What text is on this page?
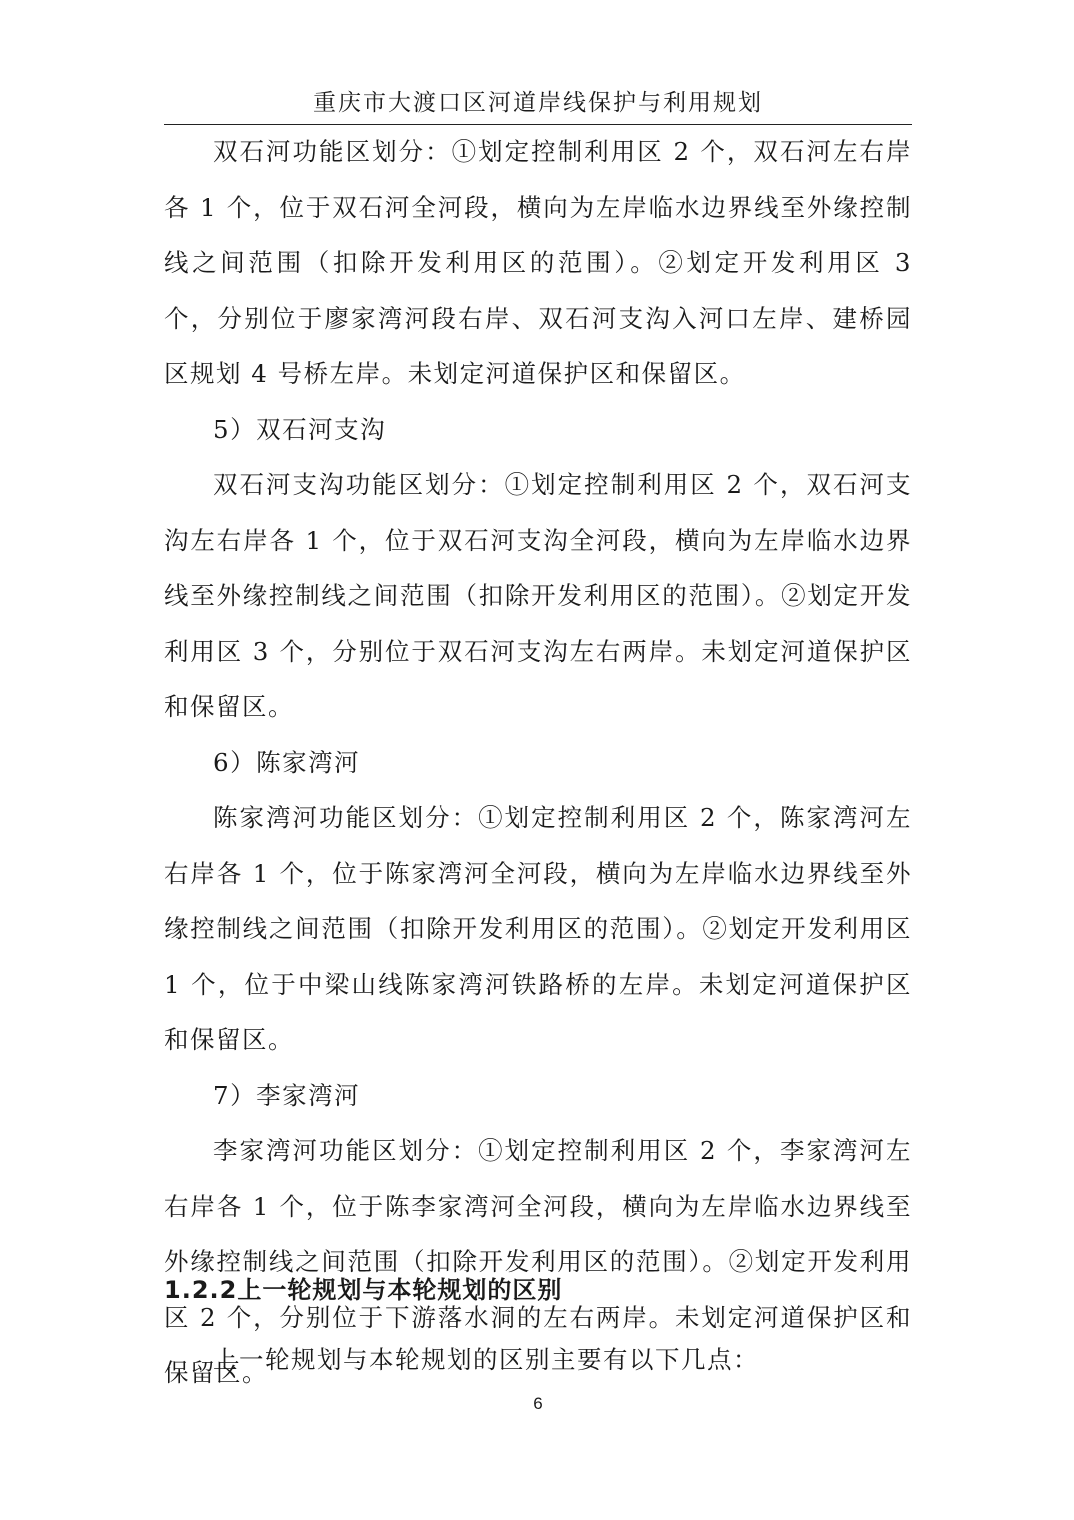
重庆市大渡口区河道岸线保护与利用规划

双石河功能区划分：①划定控制利用区 2 个，双石河左右岸各 1 个，位于双石河全河段，横向为左岸临水边界线至外缘控制线之间范围（扣除开发利用区的范围）。②划定开发利用区 3 个，分别位于廖家湾河段右岸、双石河支沟入河口左岸、建桥园区规划 4 号桥左岸。未划定河道保护区和保留区。

5）双石河支沟

双石河支沟功能区划分：①划定控制利用区 2 个，双石河支沟左右岸各 1 个，位于双石河支沟全河段，横向为左岸临水边界线至外缘控制线之间范围（扣除开发利用区的范围）。②划定开发利用区 3 个，分别位于双石河支沟左右两岸。未划定河道保护区和保留区。

6）陈家湾河

陈家湾河功能区划分：①划定控制利用区 2 个，陈家湾河左右岸各 1 个，位于陈家湾河全河段，横向为左岸临水边界线至外缘控制线之间范围（扣除开发利用区的范围）。②划定开发利用区 1 个，位于中梁山线陈家湾河铁路桥的左岸。未划定河道保护区和保留区。

7）李家湾河

李家湾河功能区划分：①划定控制利用区 2 个，李家湾河左右岸各 1 个，位于陈李家湾河全河段，横向为左岸临水边界线至外缘控制线之间范围（扣除开发利用区的范围）。②划定开发利用区 2 个，分别位于下游落水洞的左右两岸。未划定河道保护区和保留区。

1.2.2上一轮规划与本轮规划的区别
上一轮规划与本轮规划的区别主要有以下几点：
6
